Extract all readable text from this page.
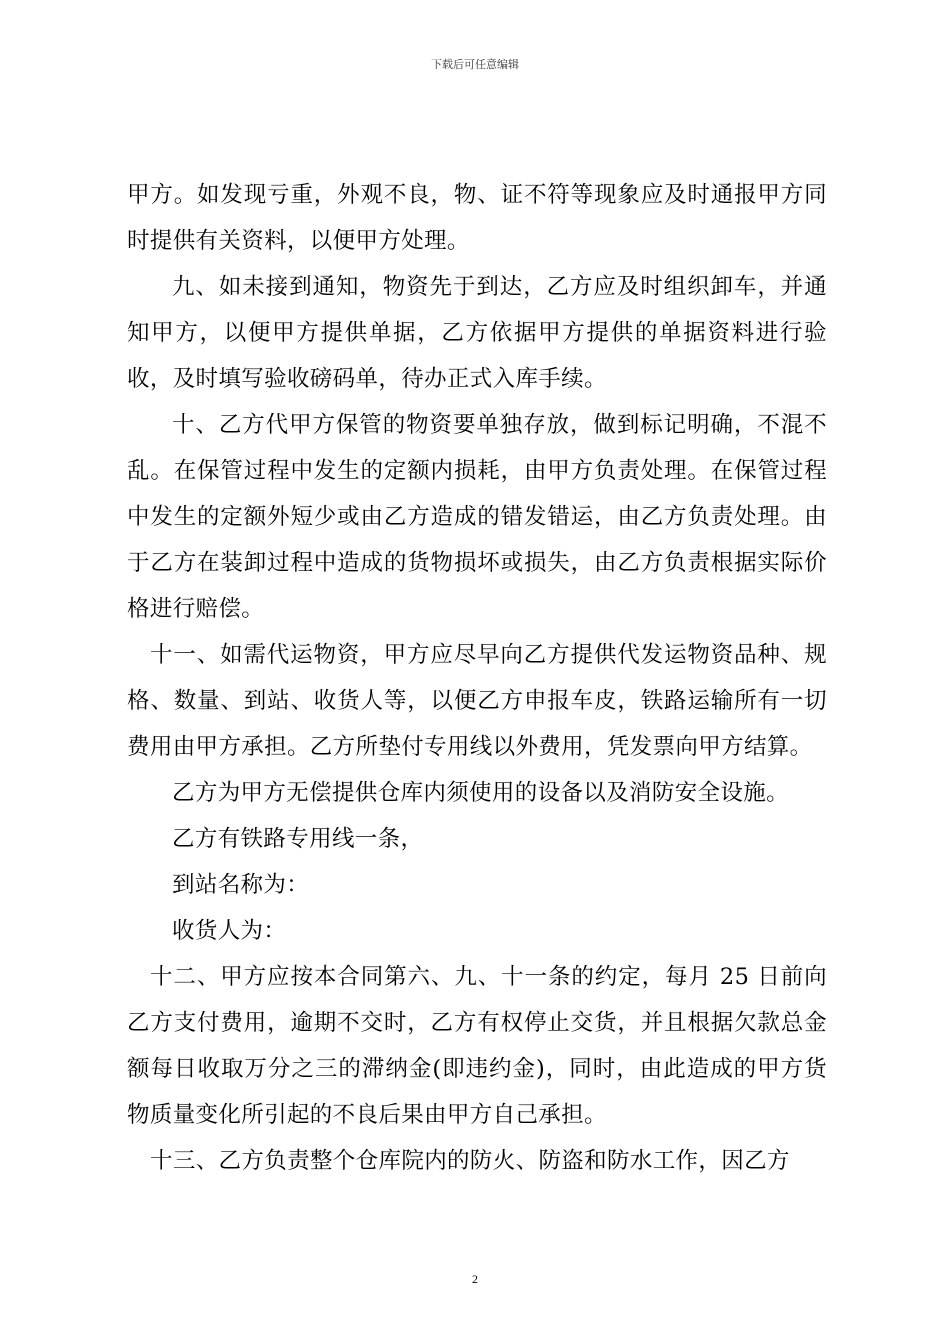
下载后可任意编辑

甲方。如发现亏重，外观不良，物、证不符等现象应及时通报甲方同时提供有关资料，以便甲方处理。

九、如未接到通知，物资先于到达，乙方应及时组织卸车，并通知甲方，以便甲方提供单据，乙方依据甲方提供的单据资料进行验收，及时填写验收磅码单，待办正式入库手续。

十、乙方代甲方保管的物资要单独存放，做到标记明确，不混不乱。在保管过程中发生的定额内损耗，由甲方负责处理。在保管过程中发生的定额外短少或由乙方造成的错发错运，由乙方负责处理。由于乙方在装卸过程中造成的货物损坏或损失，由乙方负责根据实际价格进行赔偿。

十一、如需代运物资，甲方应尽早向乙方提供代发运物资品种、规格、数量、到站、收货人等，以便乙方申报车皮，铁路运输所有一切费用由甲方承担。乙方所垫付专用线以外费用，凭发票向甲方结算。

乙方为甲方无偿提供仓库内须使用的设备以及消防安全设施。

乙方有铁路专用线一条，

到站名称为：

收货人为：

十二、甲方应按本合同第六、九、十一条的约定，每月 25 日前向乙方支付费用，逾期不交时，乙方有权停止交货，并且根据欠款总金额每日收取万分之三的滞纳金(即违约金)，同时，由此造成的甲方货物质量变化所引起的不良后果由甲方自己承担。

十三、乙方负责整个仓库院内的防火、防盗和防水工作，因乙方

2
